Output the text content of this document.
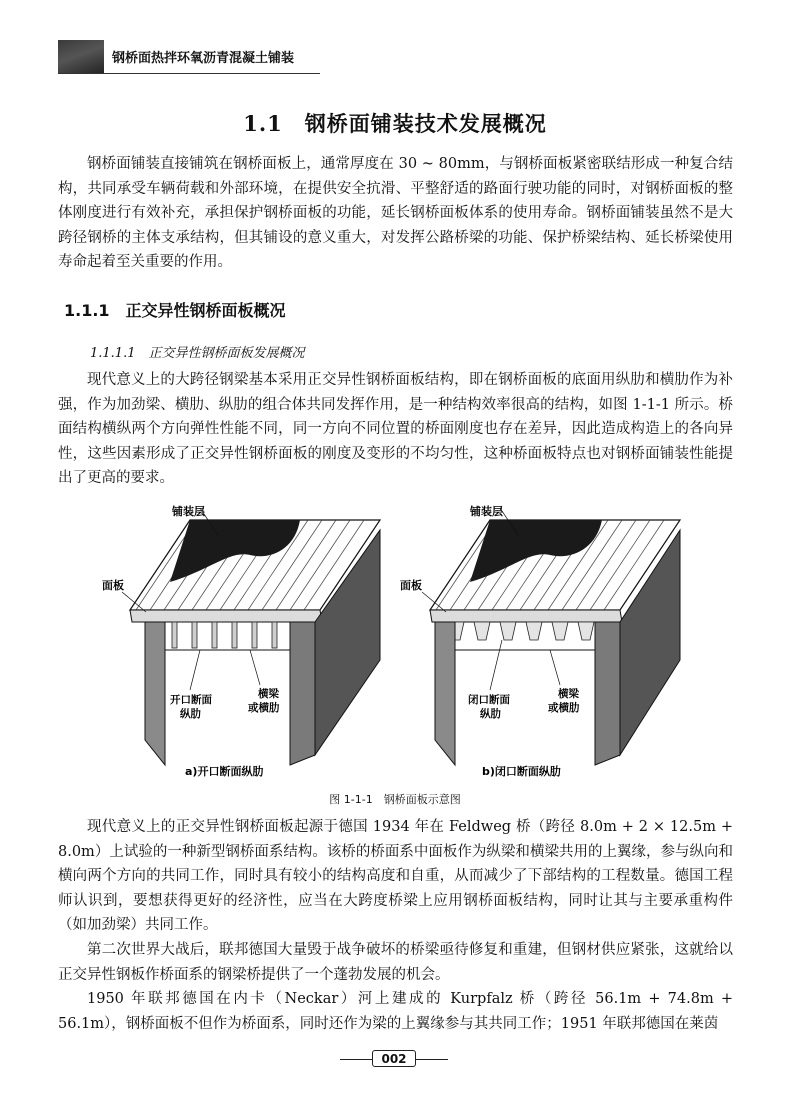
钢桥面热拌环氧沥青混凝土铺装
1.1　钢桥面铺装技术发展概况

钢桥面铺装直接铺筑在钢桥面板上，通常厚度在 30 ~ 80mm，与钢桥面板紧密联结形成一种复合结构，共同承受车辆荷载和外部环境，在提供安全抗滑、平整舒适的路面行驶功能的同时，对钢桥面板的整体刚度进行有效补充，承担保护钢桥面板的功能，延长钢桥面板体系的使用寿命。钢桥面铺装虽然不是大跨径钢桥的主体支承结构，但其铺设的意义重大，对发挥公路桥梁的功能、保护桥梁结构、延长桥梁使用寿命起着至关重要的作用。

1.1.1　正交异性钢桥面板概况

1.1.1.1　正交异性钢桥面板发展概况

现代意义上的大跨径钢梁基本采用正交异性钢桥面板结构，即在钢桥面板的底面用纵肋和横肋作为补强，作为加劲梁、横肋、纵肋的组合体共同发挥作用，是一种结构效率很高的结构，如图 1-1-1 所示。桥面结构横纵两个方向弹性性能不同，同一方向不同位置的桥面刚度也存在差异，因此造成构造上的各向异性，这些因素形成了正交异性钢桥面板的刚度及变形的不均匀性，这种桥面板特点也对钢桥面铺装性能提出了更高的要求。

铺装层
面板
开口断面
纵肋
横梁
或横肋
a)开口断面纵肋
铺装层
面板
闭口断面
纵肋
横梁
或横肋
b)闭口断面纵肋
图 1-1-1　钢桥面板示意图

现代意义上的正交异性钢桥面板起源于德国 1934 年在 Feldweg 桥（跨径 8.0m + 2 × 12.5m + 8.0m）上试验的一种新型钢桥面系结构。该桥的桥面系中面板作为纵梁和横梁共用的上翼缘，参与纵向和横向两个方向的共同工作，同时具有较小的结构高度和自重，从而减少了下部结构的工程数量。德国工程师认识到，要想获得更好的经济性，应当在大跨度桥梁上应用钢桥面板结构，同时让其与主要承重构件（如加劲梁）共同工作。

第二次世界大战后，联邦德国大量毁于战争破坏的桥梁亟待修复和重建，但钢材供应紧张，这就给以正交异性钢板作桥面系的钢梁桥提供了一个蓬勃发展的机会。

1950 年联邦德国在内卡（Neckar）河上建成的 Kurpfalz 桥（跨径 56.1m + 74.8m + 56.1m），钢桥面板不但作为桥面系，同时还作为梁的上翼缘参与其共同工作；1951 年联邦德国在莱茵

002
